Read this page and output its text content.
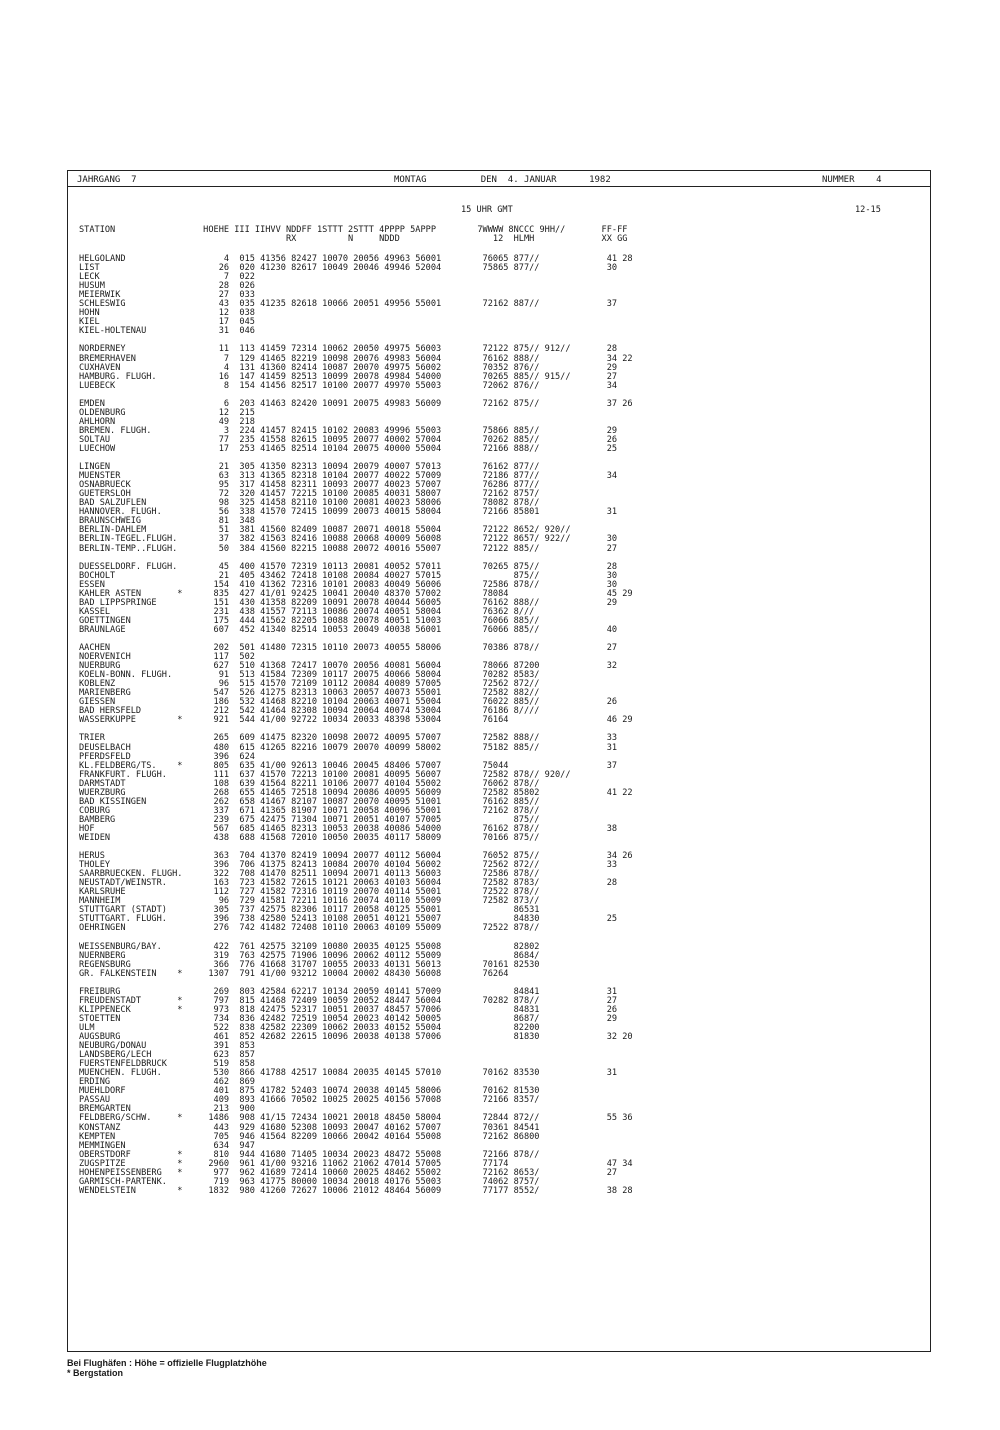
JAHRGANG  7	MONTAG          DEN  4. JANUAR      1982	NUMMER    4
15 UHR GMT	12-15
STATION                 HOEHE III IIHVV NDDFF 1STTT 2STTT 4PPPP 5APPP        7WWWW 8NCCC 9HH//       FF-FF
RX          N     NDDD                  12  HLMH             XX GG
HELGOLAND                   4  015 41356 82427 10070 20056 49963 56001        76065 877//             41 28
LIST                       26  020 41230 82617 10049 20046 49946 52004        75865 877//             30
LECK                        7  022
HUSUM                      28  026
MEIERWIK                   27  033
SCHLESWIG                  43  035 41235 82618 10066 20051 49956 55001        72162 887//             37
HOHN                       12  038
KIEL                       17  045
KIEL-HOLTENAU              31  046

NORDERNEY                  11  113 41459 72314 10062 20050 49975 56003        72122 875// 912//       28
BREMERHAVEN                 7  129 41465 82219 10098 20076 49983 56004        76162 888//             34 22
CUXHAVEN                    4  131 41360 82414 10087 20070 49975 56002        70352 876//             29
HAMBURG. FLUGH.            16  147 41459 82513 10099 20078 49984 54000        70265 885// 915//       27
LUEBECK                     8  154 41456 82517 10100 20077 49970 55003        72062 876//             34

EMDEN                       6  203 41463 82420 10091 20075 49983 56009        72162 875//             37 26
OLDENBURG                  12  215
AHLHORN                    49  218
BREMEN. FLUGH.              3  224 41457 82415 10102 20083 49996 55003        75866 885//             29
SOLTAU                     77  235 41558 82615 10095 20077 40002 57004        70262 885//             26
LUECHOW                    17  253 41465 82514 10104 20075 40000 55004        72166 888//             25

LINGEN                     21  305 41350 82313 10094 20079 40007 57013        76162 877//
MUENSTER                   63  313 41365 82318 10104 20077 40022 57009        72186 877//             34
OSNABRUECK                 95  317 41458 82311 10093 20077 40023 57007        76286 877//
GUETERSLOH                 72  320 41457 72215 10100 20085 40031 58007        72162 8757/
BAD SALZUFLEN              98  325 41458 82110 10100 20081 40023 58006        78082 878//
HANNOVER. FLUGH.           56  338 41570 72415 10099 20073 40015 58004        72166 85801             31
BRAUNSCHWEIG               81  348
BERLIN-DAHLEM              51  381 41560 82409 10087 20071 40018 55004        72122 8652/ 920//
BERLIN-TEGEL.FLUGH.        37  382 41563 82416 10088 20068 40009 56008        72122 8657/ 922//       30
BERLIN-TEMP..FLUGH.        50  384 41560 82215 10088 20072 40016 55007        72122 885//             27

DUESSELDORF. FLUGH.        45  400 41570 72319 10113 20081 40052 57011        70265 875//             28
BOCHOLT                    21  405 43462 72418 10108 20084 40027 57015              875//             30
ESSEN                     154  410 41362 72316 10101 20083 40049 56006        72586 878//             30
KAHLER ASTEN       *      835  427 41/01 92425 10041 20040 48370 57002        78084                   45 29
BAD LIPPSPRINGE           151  430 41358 82209 10091 20078 40044 56005        76162 888//             29
KASSEL                    231  438 41557 72113 10086 20074 40051 58004        76362 8///
GOETTINGEN                175  444 41562 82205 10088 20078 40051 51003        76066 885//
BRAUNLAGE                 607  452 41340 82514 10053 20049 40038 56001        76066 885//             40

AACHEN                    202  501 41480 72315 10110 20073 40055 58006        70386 878//             27
NOERVENICH                117  502
NUERBURG                  627  510 41368 72417 10070 20056 40081 56004        78066 87200             32
KOELN-BONN. FLUGH.         91  513 41584 72309 10117 20075 40066 58004        70282 8583/
KOBLENZ                    96  515 41570 72109 10112 20084 40089 57005        72562 872//
MARIENBERG                547  526 41275 82313 10063 20057 40073 55001        72582 882//
GIESSEN                   186  532 41468 82210 10104 20063 40071 55004        76022 885//             26
BAD HERSFELD              212  542 41464 82308 10094 20064 40074 53004        76186 8////
WASSERKUPPE        *      921  544 41/00 92722 10034 20033 48398 53004        76164                   46 29

TRIER                     265  609 41475 82320 10098 20072 40095 57007        72582 888//             33
DEUSELBACH                480  615 41265 82216 10079 20070 40099 58002        75182 885//             31
PFERDSFELD                396  624
KL.FELDBERG/TS.    *      805  635 41/00 92613 10046 20045 48406 57007        75044                   37
FRANKFURT. FLUGH.         111  637 41570 72213 10100 20081 40095 56007        72582 878// 920//
DARMSTADT                 108  639 41564 82211 10106 20077 40104 55002        76062 878//
WUERZBURG                 268  655 41465 72518 10094 20086 40095 56009        72582 85802             41 22
BAD KISSINGEN             262  658 41467 82107 10087 20070 40095 51001        76162 885//
COBURG                    337  671 41365 81907 10071 20058 40096 55001        72162 878//
BAMBERG                   239  675 42475 71304 10071 20051 40107 57005              875//
HOF                       567  685 41465 82313 10053 20038 40086 54000        76162 878//             38
WEIDEN                    438  688 41568 72010 10050 20035 40117 58009        70166 875//

HERUS                     363  704 41370 82419 10094 20077 40112 56004        76052 875//             34 26
THOLEY                    396  706 41375 82413 10084 20070 40104 56002        72562 872//             33
SAARBRUECKEN. FLUGH.      322  708 41470 82511 10094 20071 40113 56003        72586 878//
NEUSTADT/WEINSTR.         163  723 41582 72615 10121 20063 40103 56004        72582 8783/             28
KARLSRUHE                 112  727 41582 72316 10119 20070 40114 55001        72522 878//
MANNHEIM                   96  729 41581 72211 10116 20074 40110 55009        72582 873//
STUTTGART (STADT)         305  737 42575 82306 10117 20058 40125 55001              86531
STUTTGART. FLUGH.         396  738 42580 52413 10108 20051 40121 55007              84830             25
OEHRINGEN                 276  742 41482 72408 10110 20063 40109 55009        72522 878//

WEISSENBURG/BAY.          422  761 42575 32109 10080 20035 40125 55008              82802
NUERNBERG                 319  763 42575 71906 10096 20062 40112 55009              8684/
REGENSBURG                366  776 41668 31707 10055 20033 40131 56013        70161 82530
GR. FALKENSTEIN    *     1307  791 41/00 93212 10004 20002 48430 56008        76264

FREIBURG                  269  803 42584 62217 10134 20059 40141 57009              84841             31
FREUDENSTADT       *      797  815 41468 72409 10059 20052 48447 56004        70282 878//             27
KLIPPENECK         *      973  818 42475 52317 10051 20037 48457 57006              84831             26
STOETTEN                  734  836 42482 72519 10054 20023 40142 50005              8687/             29
ULM                       522  838 42582 22309 10062 20033 40152 55004              82200
AUGSBURG                  461  852 42682 22615 10096 20038 40138 57006              81830             32 20
NEUBURG/DONAU             391  853
LANDSBERG/LECH            623  857
FUERSTENFELDBRUCK         519  858
MUENCHEN. FLUGH.          530  866 41788 42517 10084 20035 40145 57010        70162 83530             31
ERDING                    462  869
MUEHLDORF                 401  875 41782 52403 10074 20038 40145 58006        70162 81530
PASSAU                    409  893 41666 70502 10025 20025 40156 57008        72166 8357/
BREMGARTEN                213  900
FELDBERG/SCHW.     *     1486  908 41/15 72434 10021 20018 48450 58004        72844 872//             55 36
KONSTANZ                  443  929 41680 52308 10093 20047 40162 57007        70361 84541
KEMPTEN                   705  946 41564 82209 10066 20042 40164 55008        72162 86800
MEMMINGEN                 634  947
OBERSTDORF         *      810  944 41680 71405 10034 20023 48472 55008        72166 878//
ZUGSPITZE          *     2960  961 41/00 93216 11062 21062 47014 57005        77174                   47 34
HOHENPEISSENBERG   *      977  962 41689 72414 10060 20025 48462 55002        72162 8653/             27
GARMISCH-PARTENK.         719  963 41775 80000 10034 20018 40176 55003        74062 8757/
WENDELSTEIN        *     1832  980 41260 72627 10006 21012 48464 56009        77177 8552/             38 28
Bei Flughäfen : Höhe = offizielle Flugplatzhöhe
* Bergstation
